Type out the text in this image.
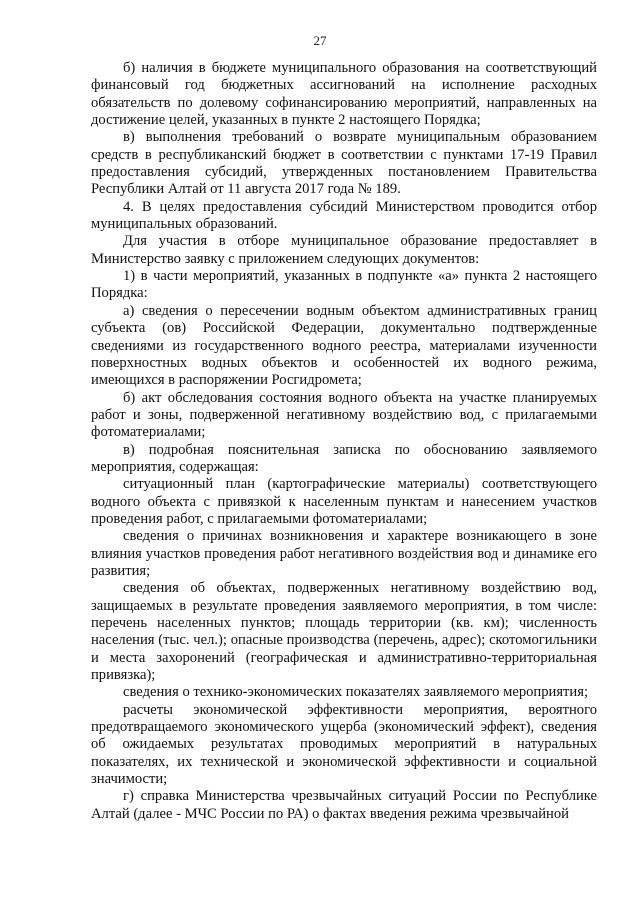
27

б) наличия в бюджете муниципального образования на соответствующий финансовый год бюджетных ассигнований на исполнение расходных обязательств по долевому софинансированию мероприятий, направленных на достижение целей, указанных в пункте 2 настоящего Порядка;

в) выполнения требований о возврате муниципальным образованием средств в республиканский бюджет в соответствии с пунктами 17-19 Правил предоставления субсидий, утвержденных постановлением Правительства Республики Алтай от 11 августа 2017 года № 189.

4. В целях предоставления субсидий Министерством проводится отбор муниципальных образований.

Для участия в отборе муниципальное образование предоставляет в Министерство заявку с приложением следующих документов:

1) в части мероприятий, указанных в подпункте «а» пункта 2 настоящего Порядка:

а) сведения о пересечении водным объектом административных границ субъекта (ов) Российской Федерации, документально подтвержденные сведениями из государственного водного реестра, материалами изученности поверхностных водных объектов и особенностей их водного режима, имеющихся в распоряжении Росгидромета;

б) акт обследования состояния водного объекта на участке планируемых работ и зоны, подверженной негативному воздействию вод, с прилагаемыми фотоматериалами;

в) подробная пояснительная записка по обоснованию заявляемого мероприятия, содержащая:

ситуационный план (картографические материалы) соответствующего водного объекта с привязкой к населенным пунктам и нанесением участков проведения работ, с прилагаемыми фотоматериалами;

сведения о причинах возникновения и характере возникающего в зоне влияния участков проведения работ негативного воздействия вод и динамике его развития;

сведения об объектах, подверженных негативному воздействию вод, защищаемых в результате проведения заявляемого мероприятия, в том числе: перечень населенных пунктов; площадь территории (кв. км); численность населения (тыс. чел.); опасные производства (перечень, адрес); скотомогильники и места захоронений (географическая и административно-территориальная привязка);

сведения о технико-экономических показателях заявляемого мероприятия;

расчеты экономической эффективности мероприятия, вероятного предотвращаемого экономического ущерба (экономический эффект), сведения об ожидаемых результатах проводимых мероприятий в натуральных показателях, их технической и экономической эффективности и социальной значимости;

г) справка Министерства чрезвычайных ситуаций России по Республике Алтай (далее - МЧС России по РА) о фактах введения режима чрезвычайной
